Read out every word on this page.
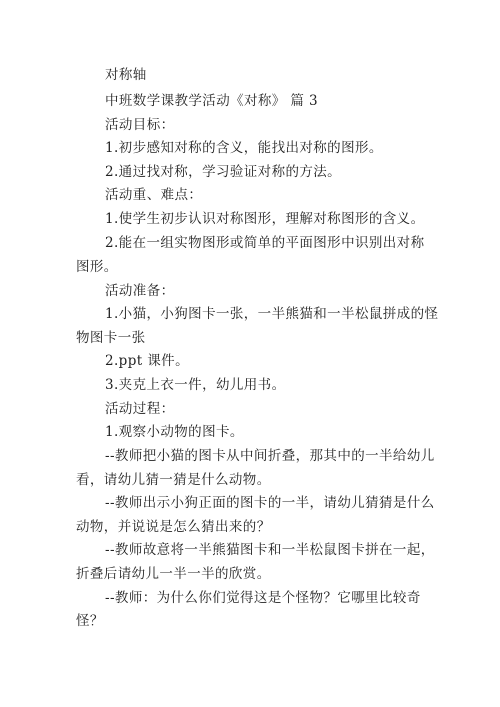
对称轴
中班数学课教学活动《对称》 篇 3
活动目标：
1.初步感知对称的含义，能找出对称的图形。
2.通过找对称，学习验证对称的方法。
活动重、难点：
1.使学生初步认识对称图形，理解对称图形的含义。
2.能在一组实物图形或简单的平面图形中识别出对称
图形。
活动准备：
1.小猫，小狗图卡一张，一半熊猫和一半松鼠拼成的怪
物图卡一张
2.ppt 课件。
3.夹克上衣一件，幼儿用书。
活动过程：
1.观察小动物的图卡。
--教师把小猫的图卡从中间折叠，那其中的一半给幼儿
看，请幼儿猜一猜是什么动物。
--教师出示小狗正面的图卡的一半，请幼儿猜猜是什么
动物，并说说是怎么猜出来的？
--教师故意将一半熊猫图卡和一半松鼠图卡拼在一起，
折叠后请幼儿一半一半的欣赏。
--教师：为什么你们觉得这是个怪物？它哪里比较奇
怪？
